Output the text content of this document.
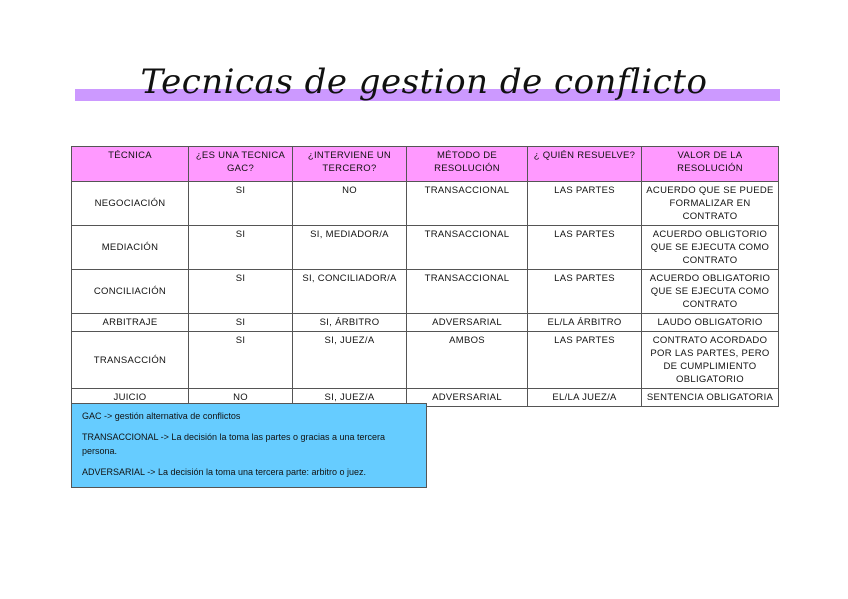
Tecnicas de gestion de conflicto
TÉCNICA	¿ES UNA TECNICA GAC?	¿INTERVIENE UN TERCERO?	MÉTODO DE RESOLUCIÓN	¿ QUIÉN RESUELVE?	VALOR DE LA RESOLUCIÓN
NEGOCIACIÓN	SI	NO	TRANSACCIONAL	LAS PARTES	ACUERDO QUE SE PUEDE FORMALIZAR EN CONTRATO
MEDIACIÓN	SI	SI, MEDIADOR/A	TRANSACCIONAL	LAS PARTES	ACUERDO OBLIGTORIO QUE SE EJECUTA COMO CONTRATO
CONCILIACIÓN	SI	SI, CONCILIADOR/A	TRANSACCIONAL	LAS PARTES	ACUERDO OBLIGATORIO QUE SE EJECUTA COMO CONTRATO
ARBITRAJE	SI	SI, ÁRBITRO	ADVERSARIAL	EL/LA ÁRBITRO	LAUDO OBLIGATORIO
TRANSACCIÓN	SI	SI, JUEZ/A	AMBOS	LAS PARTES	CONTRATO ACORDADO POR LAS PARTES, PERO DE CUMPLIMIENTO OBLIGATORIO
JUICIO	NO	SI, JUEZ/A	ADVERSARIAL	EL/LA JUEZ/A	SENTENCIA OBLIGATORIA

GAC -> gestión alternativa de conflictos

TRANSACCIONAL -> La decisión la toma las partes o gracias a una tercera persona.

ADVERSARIAL -> La decisión la toma una tercera parte: arbitro o juez.
